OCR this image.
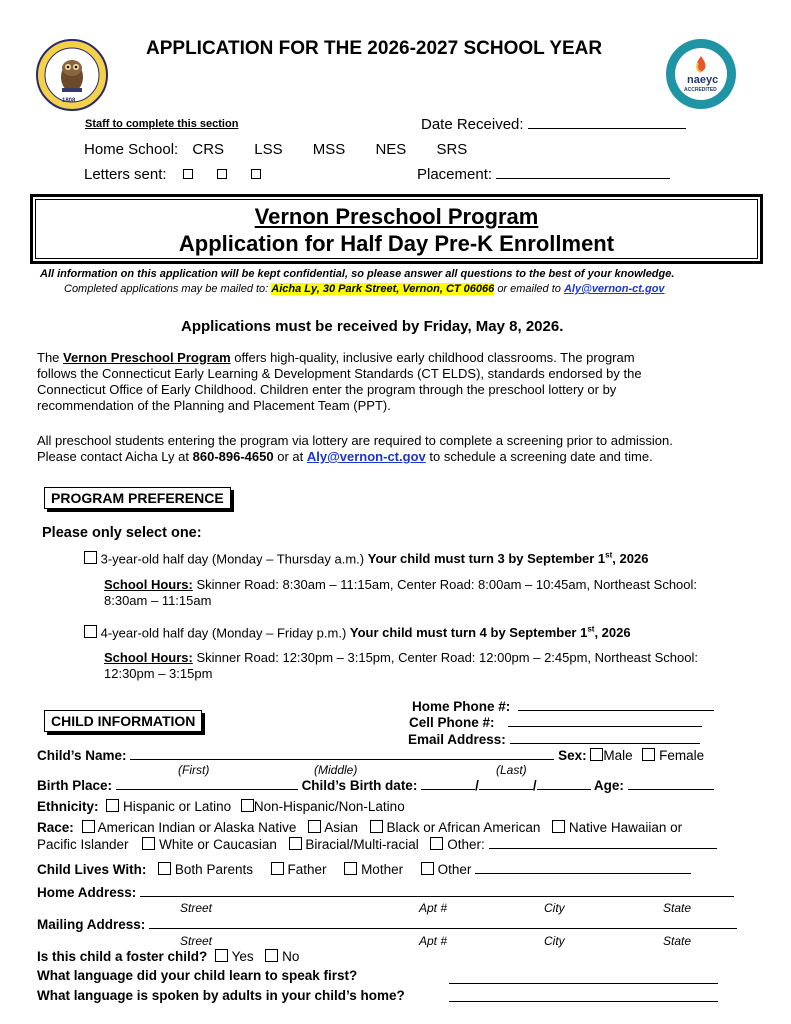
1808
APPLICATION FOR THE 2026-2027 SCHOOL YEAR
naeyc
ACCREDITED
Staff to complete this section	Date Received:
Home School: CRS LSS MSS NES SRS
Letters sent:	Placement:
Vernon Preschool Program
Application for Half Day Pre-K Enrollment
All information on this application will be kept confidential, so please answer all questions to the best of your knowledge.
Completed applications may be mailed to: Aicha Ly, 30 Park Street, Vernon, CT 06066 or emailed to Aly@vernon-ct.gov
Applications must be received by Friday, May 8, 2026.
The Vernon Preschool Program offers high-quality, inclusive early childhood classrooms. The program
follows the Connecticut Early Learning & Development Standards (CT ELDS), standards endorsed by the
Connecticut Office of Early Childhood. Children enter the program through the preschool lottery or by
recommendation of the Planning and Placement Team (PPT).
All preschool students entering the program via lottery are required to complete a screening prior to admission.
Please contact Aicha Ly at 860-896-4650 or at Aly@vernon-ct.gov to schedule a screening date and time.
PROGRAM PREFERENCE
Please only select one:
3-year-old half day (Monday – Thursday a.m.) Your child must turn 3 by September 1st, 2026
School Hours: Skinner Road: 8:30am – 11:15am, Center Road: 8:00am – 10:45am, Northeast School:
8:30am – 11:15am
4-year-old half day (Monday – Friday p.m.) Your child must turn 4 by September 1st, 2026
School Hours: Skinner Road: 12:30pm – 3:15pm, Center Road: 12:00pm – 2:45pm, Northeast School:
12:30pm – 3:15pm
CHILD INFORMATION
Home Phone #:
Cell Phone #:
Email Address:
Child’s Name:	Sex: Male Female
(First)	(Middle)	(Last)
Birth Place:	Child’s Birth date:	/	/	Age:
Ethnicity: Hispanic or Latino Non-Hispanic/Non-Latino
Race: American Indian or Alaska Native Asian Black or African American Native Hawaiian or
Pacific Islander White or Caucasian Biracial/Multi-racial Other:
Child Lives With: Both Parents	Father	Mother	Other
Home Address:
Street	Apt #	City	State
Mailing Address:
Street	Apt #	City	State
Is this child a foster child? Yes No
What language did your child learn to speak first?
What language is spoken by adults in your child’s home?
